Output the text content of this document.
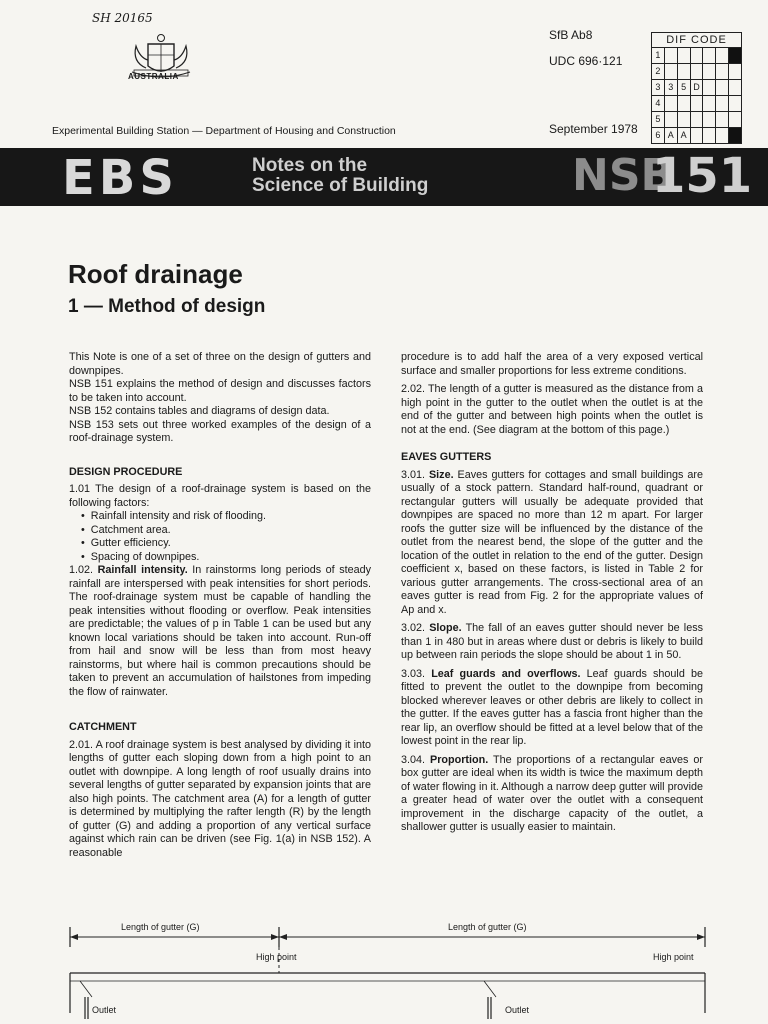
SH 20165
AUSTRALIA
Experimental Building Station — Department of Housing and Construction
SfB Ab8
UDC 696·121
September 1978
DIF CODE
1
2
3 3 5 D
4
5
6 A A
EBS	Notes on the
Science of Building	NSB
151
Roof drainage
1 — Method of design
This Note is one of a set of three on the design of gutters and downpipes.
NSB 151 explains the method of design and discusses factors to be taken into account.
NSB 152 contains tables and diagrams of design data.
NSB 153 sets out three worked examples of the design of a roof-drainage system.
DESIGN PROCEDURE
1.01 The design of a roof-drainage system is based on the following factors:
• Rainfall intensity and risk of flooding.
• Catchment area.
• Gutter efficiency.
• Spacing of downpipes.

1.02. Rainfall intensity. In rainstorms long periods of steady rainfall are interspersed with peak intensities for short periods. The roof-drainage system must be capable of handling the peak intensities without flooding or overflow. Peak intensities are predictable; the values of p in Table 1 can be used but any known local variations should be taken into account. Run-off from hail and snow will be less than from most heavy rainstorms, but where hail is common precautions should be taken to prevent an accumulation of hailstones from impeding the flow of rainwater.

CATCHMENT

2.01. A roof drainage system is best analysed by dividing it into lengths of gutter each sloping down from a high point to an outlet with downpipe. A long length of roof usually drains into several lengths of gutter separated by expansion joints that are also high points. The catchment area (A) for a length of gutter is determined by multiplying the rafter length (R) by the length of gutter (G) and adding a proportion of any vertical surface against which rain can be driven (see Fig. 1(a) in NSB 152). A reasonable

procedure is to add half the area of a very exposed vertical surface and smaller proportions for less extreme conditions.

2.02. The length of a gutter is measured as the distance from a high point in the gutter to the outlet when the outlet is at the end of the gutter and between high points when the outlet is not at the end. (See diagram at the bottom of this page.)

EAVES GUTTERS

3.01. Size. Eaves gutters for cottages and small buildings are usually of a stock pattern. Standard half-round, quadrant or rectangular gutters will usually be adequate provided that downpipes are spaced no more than 12 m apart. For larger roofs the gutter size will be influenced by the distance of the outlet from the nearest bend, the slope of the gutter and the location of the outlet in relation to the end of the gutter. Design coefficient x, based on these factors, is listed in Table 2 for various gutter arrangements. The cross-sectional area of an eaves gutter is read from Fig. 2 for the appropriate values of Ap and x.

3.02. Slope. The fall of an eaves gutter should never be less than 1 in 480 but in areas where dust or debris is likely to build up between rain periods the slope should be about 1 in 50.

3.03. Leaf guards and overflows. Leaf guards should be fitted to prevent the outlet to the downpipe from becoming blocked wherever leaves or other debris are likely to collect in the gutter. If the eaves gutter has a fascia front higher than the rear lip, an overflow should be fitted at a level below that of the lowest point in the rear lip.

3.04. Proportion. The proportions of a rectangular eaves or box gutter are ideal when its width is twice the maximum depth of water flowing in it. Although a narrow deep gutter will provide a greater head of water over the outlet with a consequent improvement in the discharge capacity of the outlet, a shallower gutter is usually easier to maintain.

Length of gutter (G)	Length of gutter (G)
High point	High point
Outlet	Outlet
